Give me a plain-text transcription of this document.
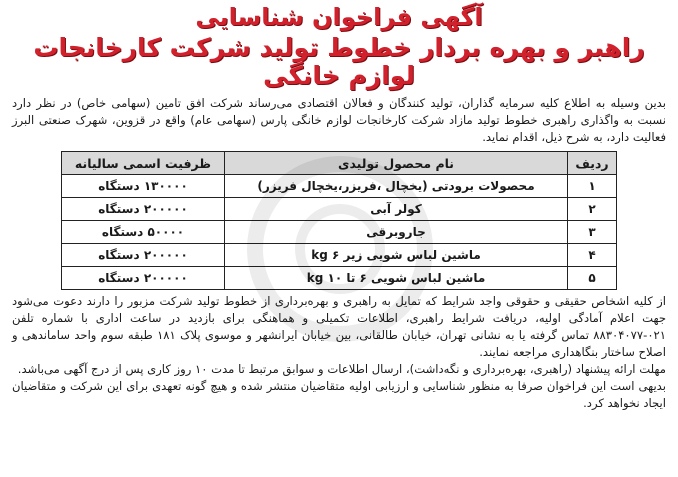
آگهی فراخوان شناسایی
راهبر و بهره بردار خطوط تولید شرکت کارخانجات لوازم خانگی

بدین وسیله به اطلاع کلیه سرمایه گذاران، تولید کنندگان و فعالان اقتصادی می‌رساند شرکت افق تامین (سهامی خاص) در نظر دارد نسبت به واگذاری راهبری خطوط تولید مازاد شرکت کارخانجات لوازم خانگی پارس (سهامی عام) واقع در قزوین، شهرک صنعتی البرز فعالیت دارد، به شرح ذیل، اقدام نماید.

ردیف	نام محصول تولیدی	ظرفیت اسمی سالیانه
۱	محصولات برودتی (یخچال ،فریزر،یخچال فریزر)	۱۳۰۰۰۰ دستگاه
۲	کولر آبی	۲۰۰۰۰۰ دستگاه
۳	جاروبرقی	۵۰۰۰۰ دستگاه
۴	ماشین لباس شویی زیر kg ۶	۲۰۰۰۰۰ دستگاه
۵	ماشین لباس شویی ۶ تا ۱۰ kg	۲۰۰۰۰۰ دستگاه

از کلیه اشخاص حقیقی و حقوقی واجد شرایط که تمایل به راهبری و بهره‌برداری از خطوط تولید شرکت مزبور را دارند دعوت می‌شود جهت اعلام آمادگی اولیه، دریافت شرایط راهبری، اطلاعات تکمیلی و هماهنگی برای بازدید در ساعت اداری با شماره تلفن ۰۲۱-۸۸۳۰۴۰۷۷ تماس گرفته یا به نشانی تهران، خیابان طالقانی، بین خیابان ایرانشهر و موسوی پلاک ۱۸۱ طبقه سوم واحد ساماندهی و اصلاح ساختار بنگاهداری مراجعه نمایند.

مهلت ارائه پیشنهاد (راهبری، بهره‌برداری و نگه‌داشت)، ارسال اطلاعات و سوابق مرتبط تا مدت ۱۰ روز کاری پس از درج آگهی می‌باشد.

بدیهی است این فراخوان صرفا به منظور شناسایی و ارزیابی اولیه متقاضیان منتشر شده و هیچ گونه تعهدی برای این شرکت و متقاضیان ایجاد نخواهد کرد.
